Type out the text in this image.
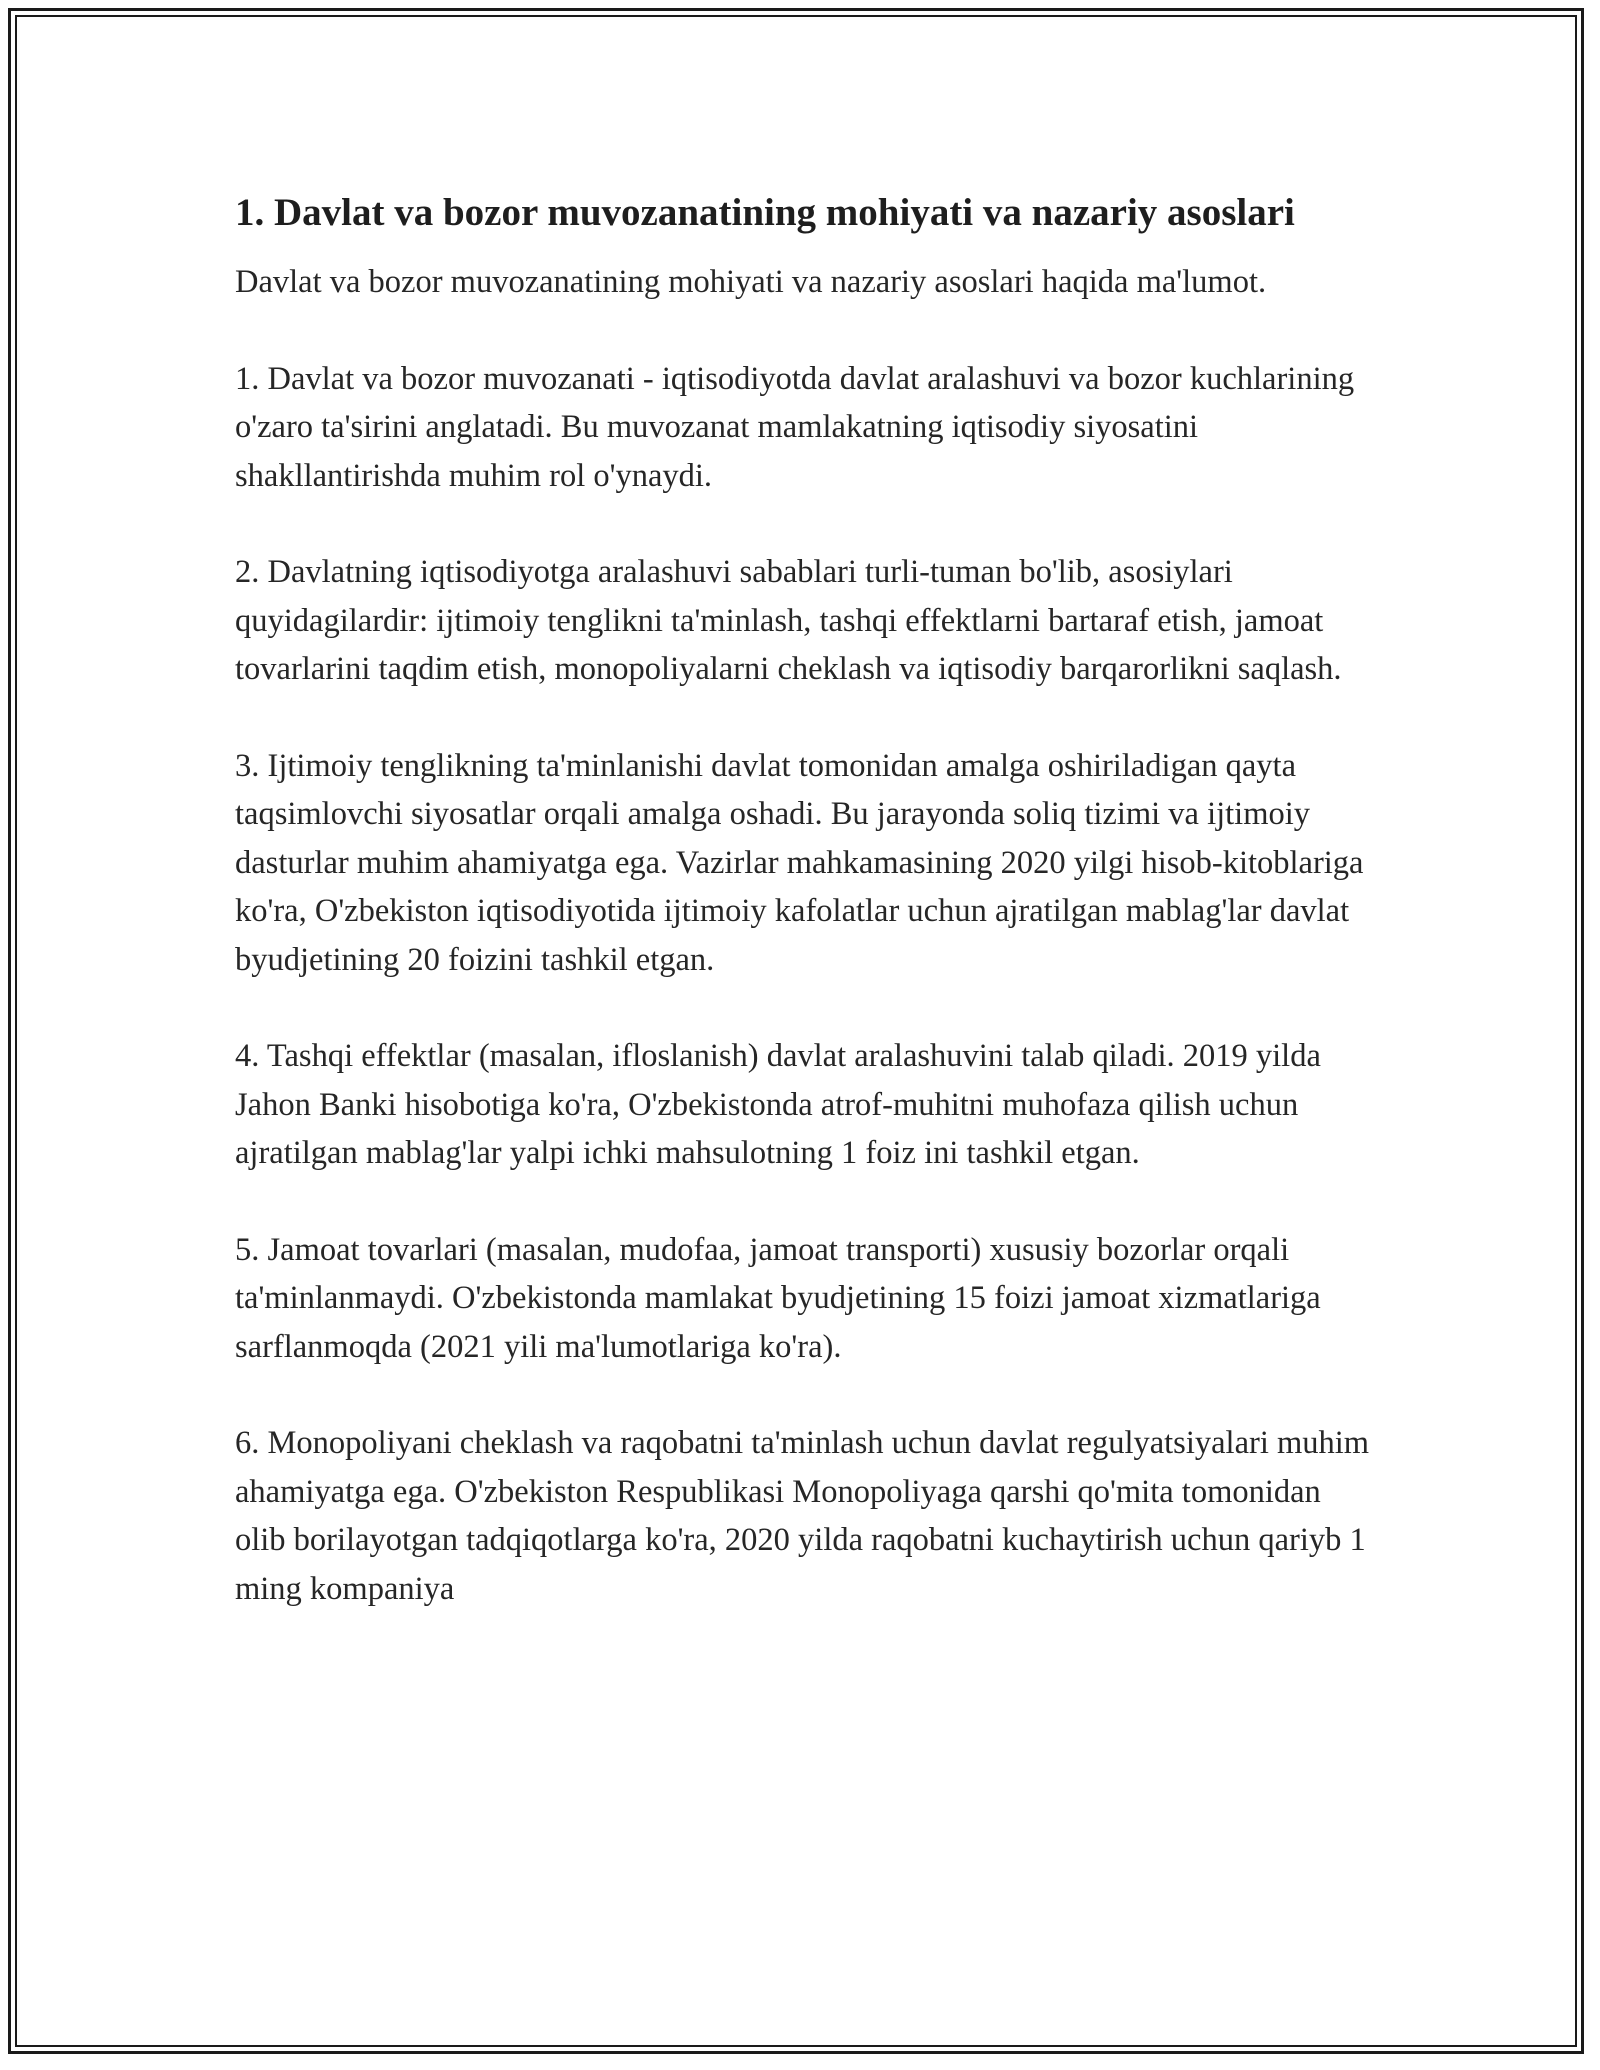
1. Davlat va bozor muvozanatining mohiyati va nazariy asoslari

Davlat va bozor muvozanatining mohiyati va nazariy asoslari haqida ma'lumot.

1. Davlat va bozor muvozanati - iqtisodiyotda davlat aralashuvi va bozor kuchlarining o'zaro ta'sirini anglatadi. Bu muvozanat mamlakatning iqtisodiy siyosatini shakllantirishda muhim rol o'ynaydi.

2. Davlatning iqtisodiyotga aralashuvi sabablari turli-tuman bo'lib, asosiylari quyidagilardir: ijtimoiy tenglikni ta'minlash, tashqi effektlarni bartaraf etish, jamoat tovarlarini taqdim etish, monopoliyalarni cheklash va iqtisodiy barqarorlikni saqlash.

3. Ijtimoiy tenglikning ta'minlanishi davlat tomonidan amalga oshiriladigan qayta taqsimlovchi siyosatlar orqali amalga oshadi. Bu jarayonda soliq tizimi va ijtimoiy dasturlar muhim ahamiyatga ega. Vazirlar mahkamasining 2020 yilgi hisob-kitoblariga ko'ra, O'zbekiston iqtisodiyotida ijtimoiy kafolatlar uchun ajratilgan mablag'lar davlat byudjetining 20 foizini tashkil etgan.

4. Tashqi effektlar (masalan, ifloslanish) davlat aralashuvini talab qiladi. 2019 yilda Jahon Banki hisobotiga ko'ra, O'zbekistonda atrof-muhitni muhofaza qilish uchun ajratilgan mablag'lar yalpi ichki mahsulotning 1 foiz ini tashkil etgan.

5. Jamoat tovarlari (masalan, mudofaa, jamoat transporti) xususiy bozorlar orqali ta'minlanmaydi. O'zbekistonda mamlakat byudjetining 15 foizi jamoat xizmatlariga sarflanmoqda (2021 yili ma'lumotlariga ko'ra).

6. Monopoliyani cheklash va raqobatni ta'minlash uchun davlat regulyatsiyalari muhim ahamiyatga ega. O'zbekiston Respublikasi Monopoliyaga qarshi qo'mita tomonidan olib borilayotgan tadqiqotlarga ko'ra, 2020 yilda raqobatni kuchaytirish uchun qariyb 1 ming kompaniya
